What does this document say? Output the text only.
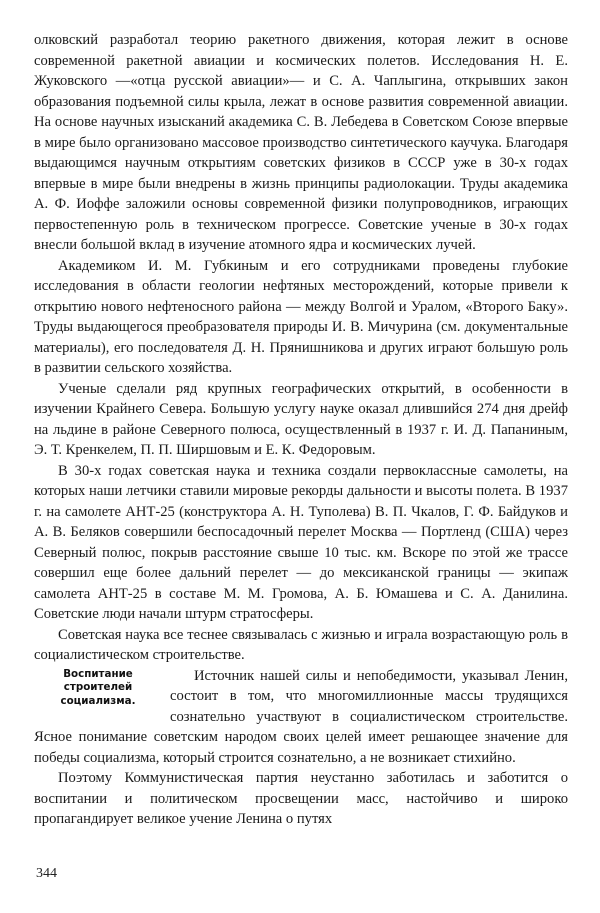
олковский разработал теорию ракетного движения, которая лежит в основе современной ракетной авиации и космических полетов. Исследования Н. Е. Жуковского —«отца русской авиации»— и С. А. Чаплыгина, открывших закон образования подъемной силы крыла, лежат в основе развития современной авиации. На основе научных изысканий академика С. В. Лебедева в Советском Союзе впервые в мире было организовано массовое производство синтетического каучука. Благодаря выдающимся научным открытиям советских физиков в СССР уже в 30-х годах впервые в мире были внедрены в жизнь принципы радиолокации. Труды академика А. Ф. Иоффе заложили основы современной физики полупроводников, играющих первостепенную роль в техническом прогрессе. Советские ученые в 30-х годах внесли большой вклад в изучение атомного ядра и космических лучей.

Академиком И. М. Губкиным и его сотрудниками проведены глубокие исследования в области геологии нефтяных месторождений, которые привели к открытию нового нефтеносного района — между Волгой и Уралом, «Второго Баку». Труды выдающегося преобразователя природы И. В. Мичурина (см. документальные материалы), его последователя Д. Н. Прянишникова и других играют большую роль в развитии сельского хозяйства.

Ученые сделали ряд крупных географических открытий, в особенности в изучении Крайнего Севера. Большую услугу науке оказал длившийся 274 дня дрейф на льдине в районе Северного полюса, осуществленный в 1937 г. И. Д. Папаниным, Э. Т. Кренкелем, П. П. Ширшовым и Е. К. Федоровым.

В 30-х годах советская наука и техника создали первоклассные самолеты, на которых наши летчики ставили мировые рекорды дальности и высоты полета. В 1937 г. на самолете АНТ-25 (конструктора А. Н. Туполева) В. П. Чкалов, Г. Ф. Байдуков и А. В. Беляков совершили беспосадочный перелет Москва — Портленд (США) через Северный полюс, покрыв расстояние свыше 10 тыс. км. Вскоре по этой же трассе совершил еще более дальний перелет — до мексиканской границы — экипаж самолета АНТ-25 в составе М. М. Громова, А. Б. Юмашева и С. А. Данилина. Советские люди начали штурм стратосферы.

Советская наука все теснее связывалась с жизнью и играла возрастающую роль в социалистическом строительстве.

Воспитание строителей социализма.

Источник нашей силы и непобедимости, указывал Ленин, состоит в том, что многомиллионные массы трудящихся сознательно участвуют в социалистическом строительстве. Ясное понимание советским народом своих целей имеет решающее значение для победы социализма, который строится сознательно, а не возникает стихийно.

Поэтому Коммунистическая партия неустанно заботилась и заботится о воспитании и политическом просвещении масс, настойчиво и широко пропагандирует великое учение Ленина о путях

344
